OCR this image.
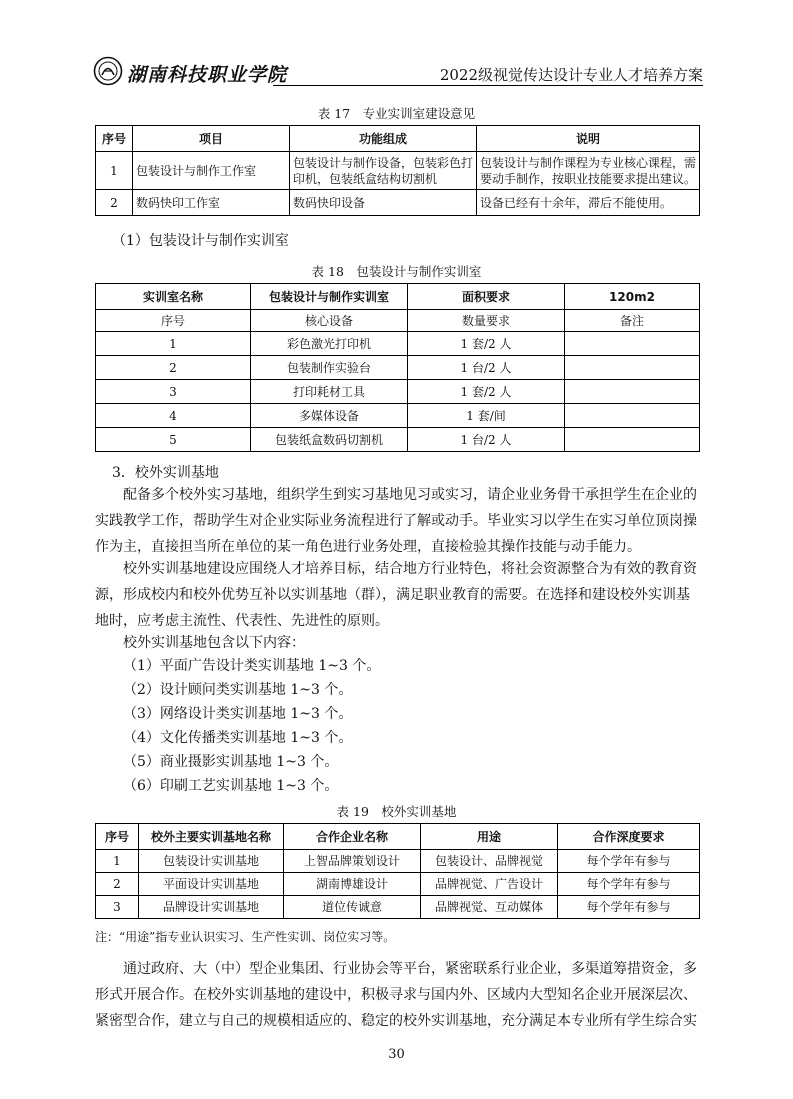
湖南科技职业学院	2022级视觉传达设计专业人才培养方案
表 17　专业实训室建设意见
序号	项目	功能组成	说明
1	包装设计与制作工作室	包装设计与制作设备，包装彩色打印机，包装纸盒结构切割机	包装设计与制作课程为专业核心课程，需要动手制作，按职业技能要求提出建议。
2	数码快印工作室	数码快印设备	设备已经有十余年，滞后不能使用。
（1）包装设计与制作实训室
表 18　包装设计与制作实训室
实训室名称	包装设计与制作实训室	面积要求	120m2
序号	核心设备	数量要求	备注
1	彩色激光打印机	1 套/2 人	
2	包装制作实验台	1 台/2 人	
3	打印耗材工具	1 套/2 人	
4	多媒体设备	1 套/间	
5	包装纸盒数码切割机	1 台/2 人	
3．校外实训基地
配备多个校外实习基地，组织学生到实习基地见习或实习，请企业业务骨干承担学生在企业的实践教学工作，帮助学生对企业实际业务流程进行了解或动手。毕业实习以学生在实习单位顶岗操作为主，直接担当所在单位的某一角色进行业务处理，直接检验其操作技能与动手能力。
校外实训基地建设应围绕人才培养目标，结合地方行业特色，将社会资源整合为有效的教育资源，形成校内和校外优势互补以实训基地（群），满足职业教育的需要。在选择和建设校外实训基地时，应考虑主流性、代表性、先进性的原则。
校外实训基地包含以下内容：
（1）平面广告设计类实训基地 1~3 个。
（2）设计顾问类实训基地 1~3 个。
（3）网络设计类实训基地 1~3 个。
（4）文化传播类实训基地 1~3 个。
（5）商业摄影实训基地 1~3 个。
（6）印刷工艺实训基地 1~3 个。
表 19　校外实训基地
序号	校外主要实训基地名称	合作企业名称	用途	合作深度要求
1	包装设计实训基地	上智品牌策划设计	包装设计、品牌视觉	每个学年有参与
2	平面设计实训基地	湖南博雄设计	品牌视觉、广告设计	每个学年有参与
3	品牌设计实训基地	道位传诚意	品牌视觉、互动媒体	每个学年有参与
注：“用途”指专业认识实习、生产性实训、岗位实习等。
通过政府、大（中）型企业集团、行业协会等平台，紧密联系行业企业，多渠道筹措资金，多形式开展合作。在校外实训基地的建设中，积极寻求与国内外、区域内大型知名企业开展深层次、紧密型合作，建立与自己的规模相适应的、稳定的校外实训基地，充分满足本专业所有学生综合实
30
